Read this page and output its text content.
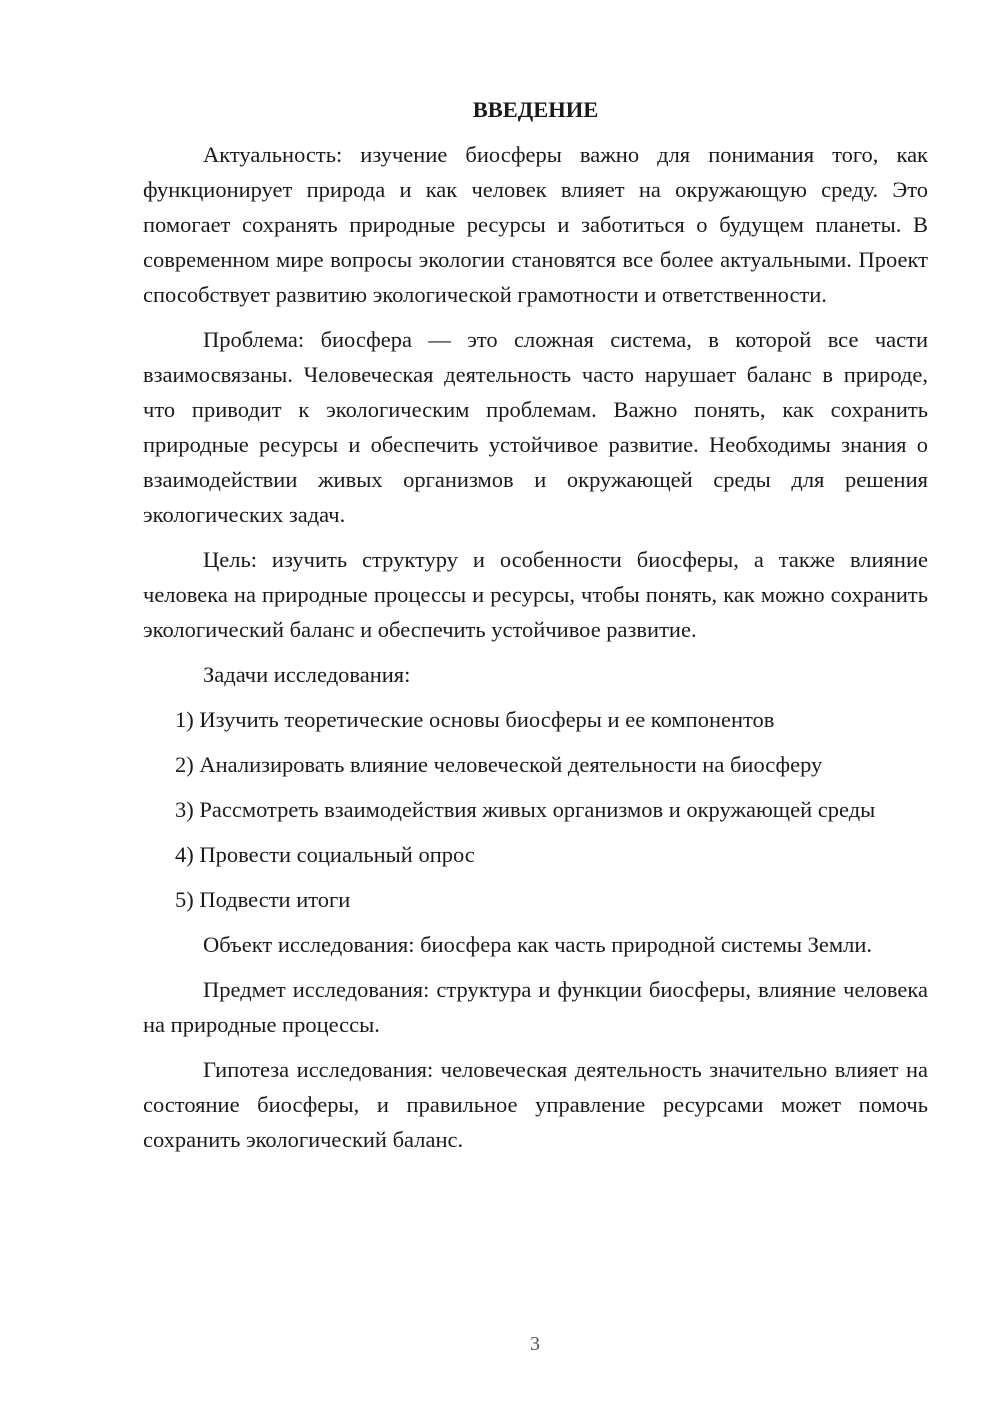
ВВЕДЕНИЕ

Актуальность: изучение биосферы важно для понимания того, как функционирует природа и как человек влияет на окружающую среду. Это помогает сохранять природные ресурсы и заботиться о будущем планеты. В современном мире вопросы экологии становятся все более актуальными. Проект способствует развитию экологической грамотности и ответственности.

Проблема: биосфера — это сложная система, в которой все части взаимосвязаны. Человеческая деятельность часто нарушает баланс в природе, что приводит к экологическим проблемам. Важно понять, как сохранить природные ресурсы и обеспечить устойчивое развитие. Необходимы знания о взаимодействии живых организмов и окружающей среды для решения экологических задач.

Цель: изучить структуру и особенности биосферы, а также влияние человека на природные процессы и ресурсы, чтобы понять, как можно сохранить экологический баланс и обеспечить устойчивое развитие.

Задачи исследования:

1) Изучить теоретические основы биосферы и ее компонентов

2) Анализировать влияние человеческой деятельности на биосферу

3) Рассмотреть взаимодействия живых организмов и окружающей среды

4) Провести социальный опрос

5) Подвести итоги

Объект исследования: биосфера как часть природной системы Земли.

Предмет исследования: структура и функции биосферы, влияние человека на природные процессы.

Гипотеза исследования: человеческая деятельность значительно влияет на состояние биосферы, и правильное управление ресурсами может помочь сохранить экологический баланс.

3
